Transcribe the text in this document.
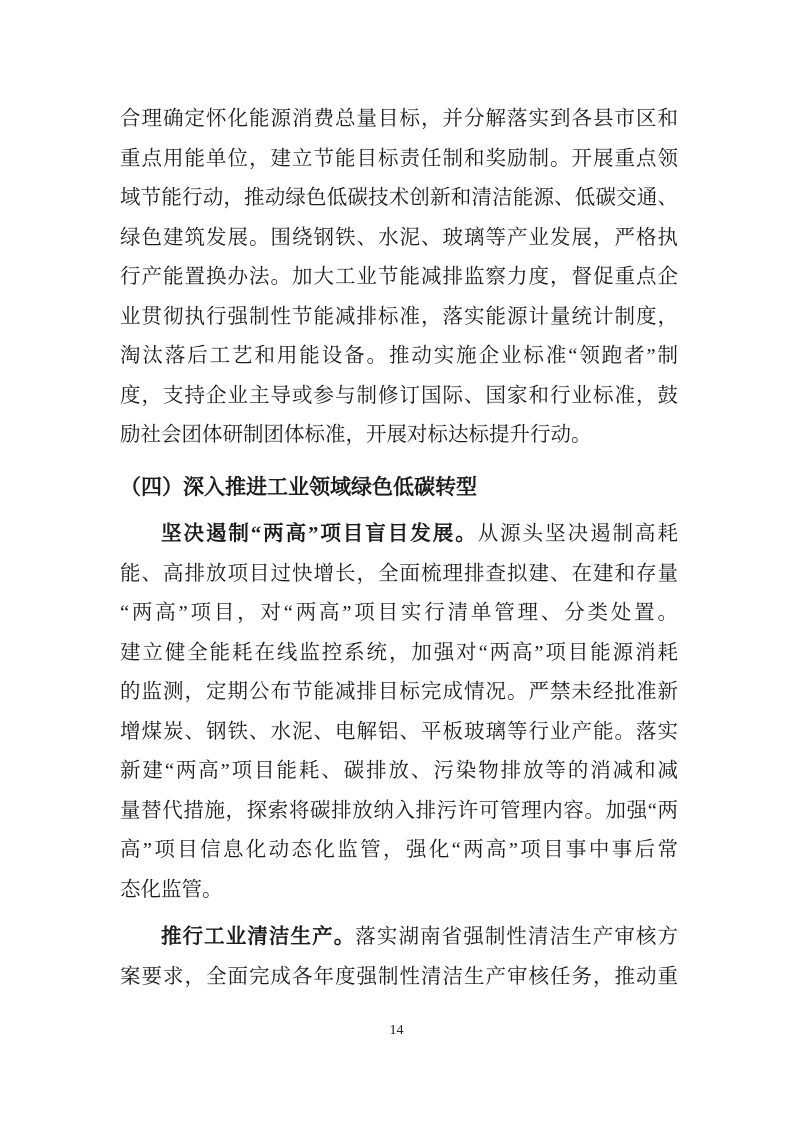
合理确定怀化能源消费总量目标，并分解落实到各县市区和
重点用能单位，建立节能目标责任制和奖励制。开展重点领
域节能行动，推动绿色低碳技术创新和清洁能源、低碳交通、
绿色建筑发展。围绕钢铁、水泥、玻璃等产业发展，严格执
行产能置换办法。加大工业节能减排监察力度，督促重点企
业贯彻执行强制性节能减排标准，落实能源计量统计制度，
淘汰落后工艺和用能设备。推动实施企业标准“领跑者”制
度，支持企业主导或参与制修订国际、国家和行业标准，鼓
励社会团体研制团体标准，开展对标达标提升行动。
（四）深入推进工业领域绿色低碳转型
坚决遏制“两高”项目盲目发展。从源头坚决遏制高耗
能、高排放项目过快增长，全面梳理排查拟建、在建和存量
“两高”项目，对“两高”项目实行清单管理、分类处置。
建立健全能耗在线监控系统，加强对“两高”项目能源消耗
的监测，定期公布节能减排目标完成情况。严禁未经批准新
增煤炭、钢铁、水泥、电解铝、平板玻璃等行业产能。落实
新建“两高”项目能耗、碳排放、污染物排放等的消减和减
量替代措施，探索将碳排放纳入排污许可管理内容。加强“两
高”项目信息化动态化监管，强化“两高”项目事中事后常
态化监管。
推行工业清洁生产。落实湖南省强制性清洁生产审核方
案要求，全面完成各年度强制性清洁生产审核任务，推动重
14
